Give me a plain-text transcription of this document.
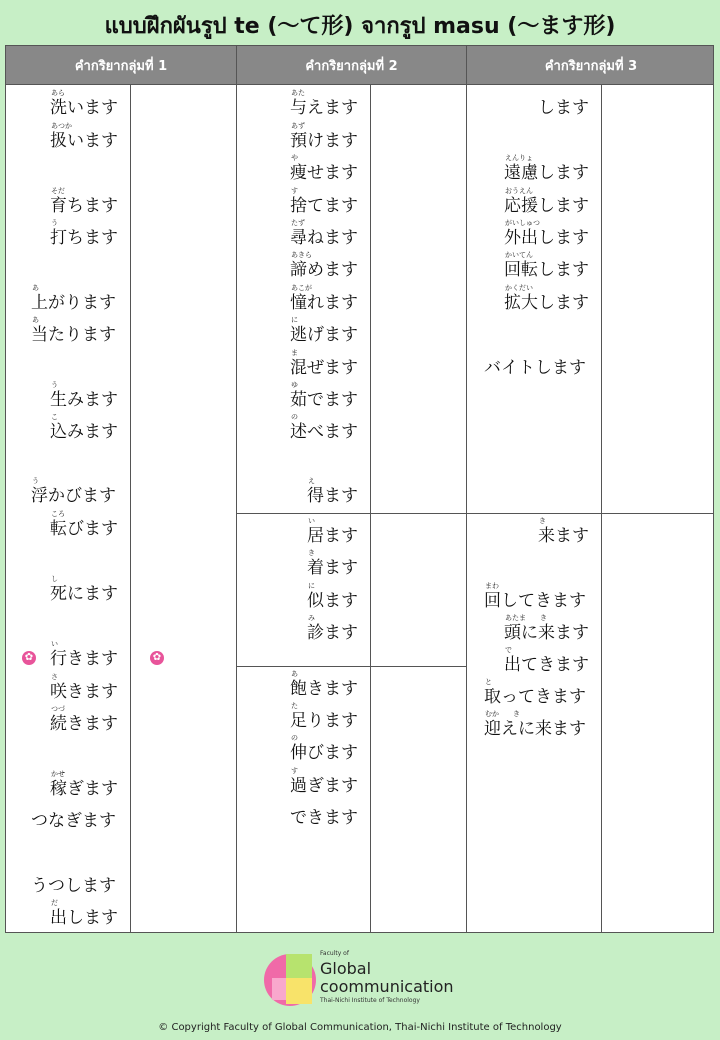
แบบฝึกผันรูป te (〜て形) จากรูป masu (〜ます形)
คำกริยากลุ่มที่ 1	คำกริยากลุ่มที่ 2	คำกริยากลุ่มที่ 3
洗います
あら
扱います
あつか
育ちます
そだ
打ちます
う
上がります
あ
当たります
あ
生みます
う
込みます
こ
浮かびます
う
転びます
ころ
死にます
し
行きます
い
✿	✿
咲きます
さ
続きます
つづ
稼ぎます
かせ
つなぎます
うつします
出します
だ
与えます
あた
預けます
あず
痩せます
や
捨てます
す
尋ねます
たず
諦めます
あきら
憧れます
あこが
逃げます
に
混ぜます
ま
茹でます
ゆ
述べます
の
得ます
え
居ます
い
着ます
き
似ます
に
診ます
み
飽きます
あ
足ります
た
伸びます
の
過ぎます
す
できます
します
遠慮します
えんりょ
応援します
おうえん
外出します
がいしゅつ
回転します
かいてん
拡大します
かくだい
バイトします
来ます
き
回してきます
まわ
頭に来ます
あたま　　き
出てきます
で
取ってきます
と
迎えに来ます
むか　　き
Faculty of
Global
coommunication
Thai-Nichi Institute of Technology
© Copyright Faculty of Global Communication, Thai-Nichi Institute of Technology
